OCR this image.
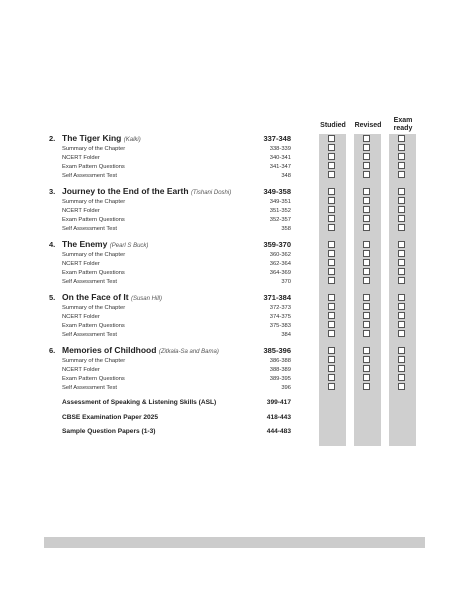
Studied	Revised
Exam
ready
2. The Tiger King (Kalki)	337-348
Summary of the Chapter	338-339
NCERT Folder	340-341
Exam Pattern Questions	341-347
Self Assessment Test	348
3. Journey to the End of the Earth (Tishani Doshi)	349-358
Summary of the Chapter	349-351
NCERT Folder	351-352
Exam Pattern Questions	352-357
Self Assessment Test	358
4. The Enemy (Pearl S Buck)	359-370
Summary of the Chapter	360-362
NCERT Folder	362-364
Exam Pattern Questions	364-369
Self Assessment Test	370
5. On the Face of It (Susan Hill)	371-384
Summary of the Chapter	372-373
NCERT Folder	374-375
Exam Pattern Questions	375-383
Self Assessment Test	384
6. Memories of Childhood (Zitkala-Sa and Bama)	385-396
Summary of the Chapter	386-388
NCERT Folder	388-389
Exam Pattern Questions	389-395
Self Assessment Test	396
Assessment of Speaking & Listening Skills (ASL)	399-417
CBSE Examination Paper 2025	418-443
Sample Question Papers (1-3)	444-483
